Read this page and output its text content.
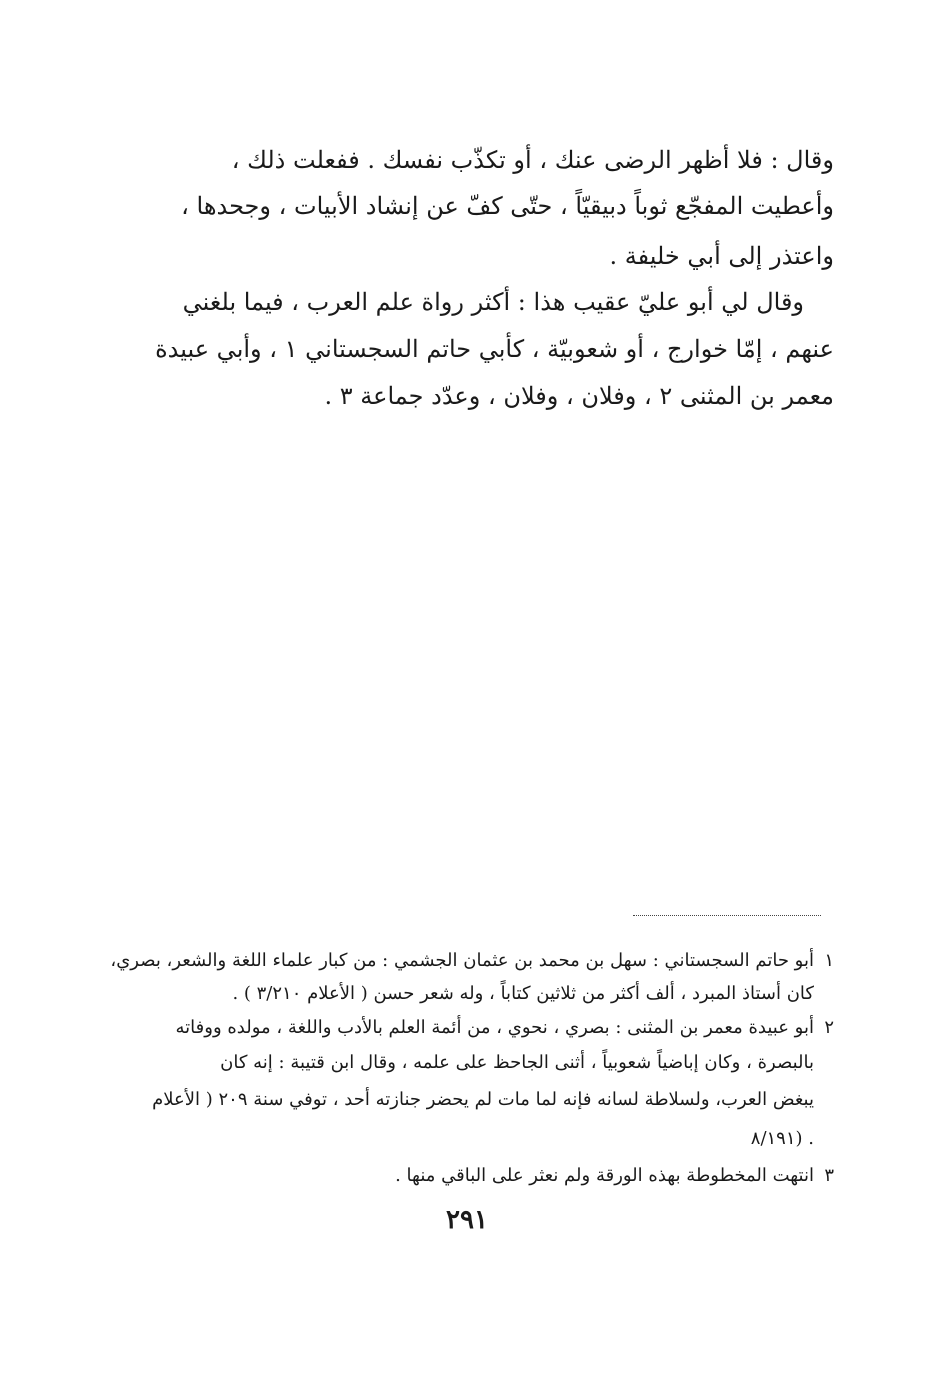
وقال : فلا أظهر الرضى عنك ، أو تكذّب نفسك . ففعلت ذلك ،
وأعطيت المفجّع ثوباً دبيقيّاً ، حتّى كفّ عن إنشاد الأبيات ، وجحدها ،
واعتذر إلى أبي خليفة .
وقال لي أبو عليّ عقيب هذا : أكثر رواة علم العرب ، فيما بلغني
عنهم ، إمّا خوارج ، أو شعوبيّة ، كأبي حاتم السجستاني ١ ، وأبي عبيدة
معمر بن المثنى ٢ ، وفلان ، وفلان ، وعدّد جماعة ٣ .
١
أبو حاتم السجستاني : سهل بن محمد بن عثمان الجشمي : من كبار علماء اللغة والشعر، بصري،
كان أستاذ المبرد ، ألف أكثر من ثلاثين كتاباً ، وله شعر حسن ( الأعلام ٣/٢١٠ ) .
٢
أبو عبيدة معمر بن المثنى : بصري ، نحوي ، من أئمة العلم بالأدب واللغة ، مولده ووفاته
بالبصرة ، وكان إباضياً شعوبياً ، أثنى الجاحظ على علمه ، وقال ابن قتيبة : إنه كان
يبغض العرب، ولسلاطة لسانه فإنه لما مات لم يحضر جنازته أحد ، توفي سنة ٢٠٩ ( الأعلام
٨/١٩١) .
٣
انتهت المخطوطة بهذه الورقة ولم نعثر على الباقي منها .
٢٩١
